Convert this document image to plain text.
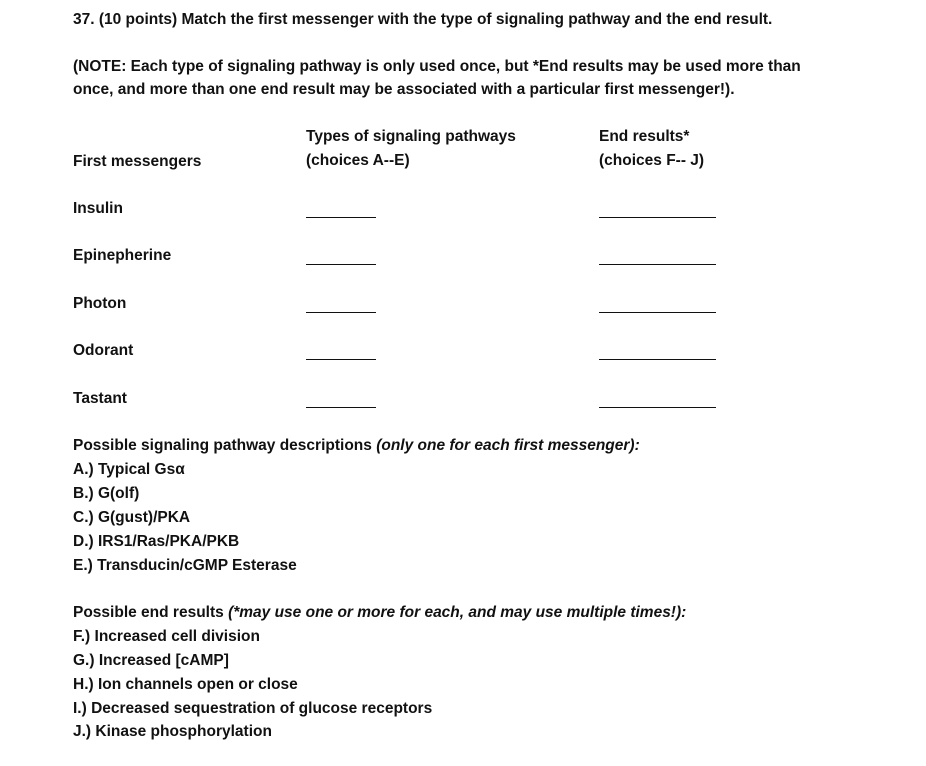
37. (10 points) Match the first messenger with the type of signaling pathway and the end result.
(NOTE: Each type of signaling pathway is only used once, but *End results may be used more than
once, and more than one end result may be associated with a particular first messenger!).
Types of signaling pathways
(choices A--E)
End results*
(choices F-- J)
First messengers
Insulin
Epinepherine
Photon
Odorant
Tastant
Possible signaling pathway descriptions (only one for each first messenger):
A.) Typical Gsα
B.) G(olf)
C.) G(gust)/PKA
D.) IRS1/Ras/PKA/PKB
E.) Transducin/cGMP Esterase
Possible end results (*may use one or more for each, and may use multiple times!):
F.) Increased cell division
G.) Increased [cAMP]
H.) Ion channels open or close
I.) Decreased sequestration of glucose receptors
J.) Kinase phosphorylation
